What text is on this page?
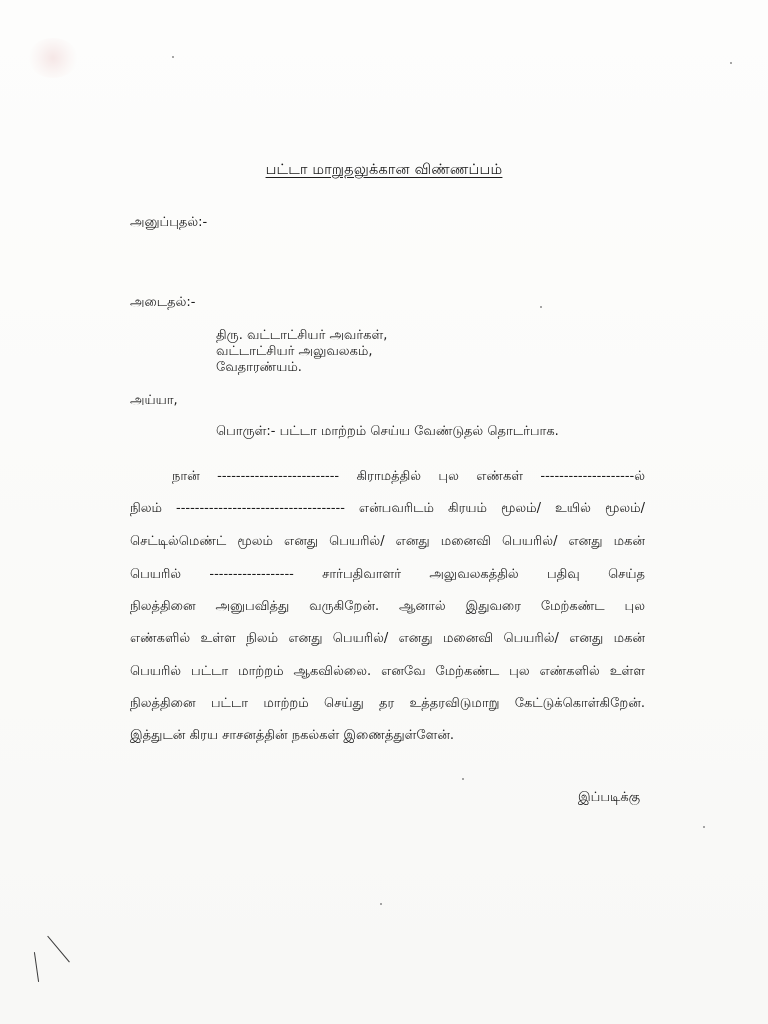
பட்டா மாறுதலுக்கான விண்ணப்பம்
அனுப்புதல்:-
அடைதல்:-
திரு. வட்டாட்சியர் அவர்கள்,
வட்டாட்சியர் அலுவலகம்,
வேதாரண்யம்.
அய்யா,
பொருள்:- பட்டா மாற்றம் செய்ய வேண்டுதல் தொடர்பாக.
நான் -------------------------- கிராமத்தில் புல எண்கள் --------------------ல்
நிலம் ------------------------------------ என்பவரிடம் கிரயம் மூலம்/ உயில் மூலம்/
செட்டில்மெண்ட் மூலம் எனது பெயரில்/ எனது மனைவி பெயரில்/ எனது மகன்
பெயரில் ------------------ சார்பதிவாளர் அலுவலகத்தில் பதிவு செய்த
நிலத்தினை அனுபவித்து வருகிறேன். ஆனால் இதுவரை மேற்கண்ட புல
எண்களில் உள்ள நிலம் எனது பெயரில்/ எனது மனைவி பெயரில்/ எனது மகன்
பெயரில் பட்டா மாற்றம் ஆகவில்லை. எனவே மேற்கண்ட புல எண்களில் உள்ள
நிலத்தினை பட்டா மாற்றம் செய்து தர உத்தரவிடுமாறு கேட்டுக்கொள்கிறேன்.
இத்துடன் கிரய சாசனத்தின் நகல்கள் இணைத்துள்ளேன்.
இப்படிக்கு
